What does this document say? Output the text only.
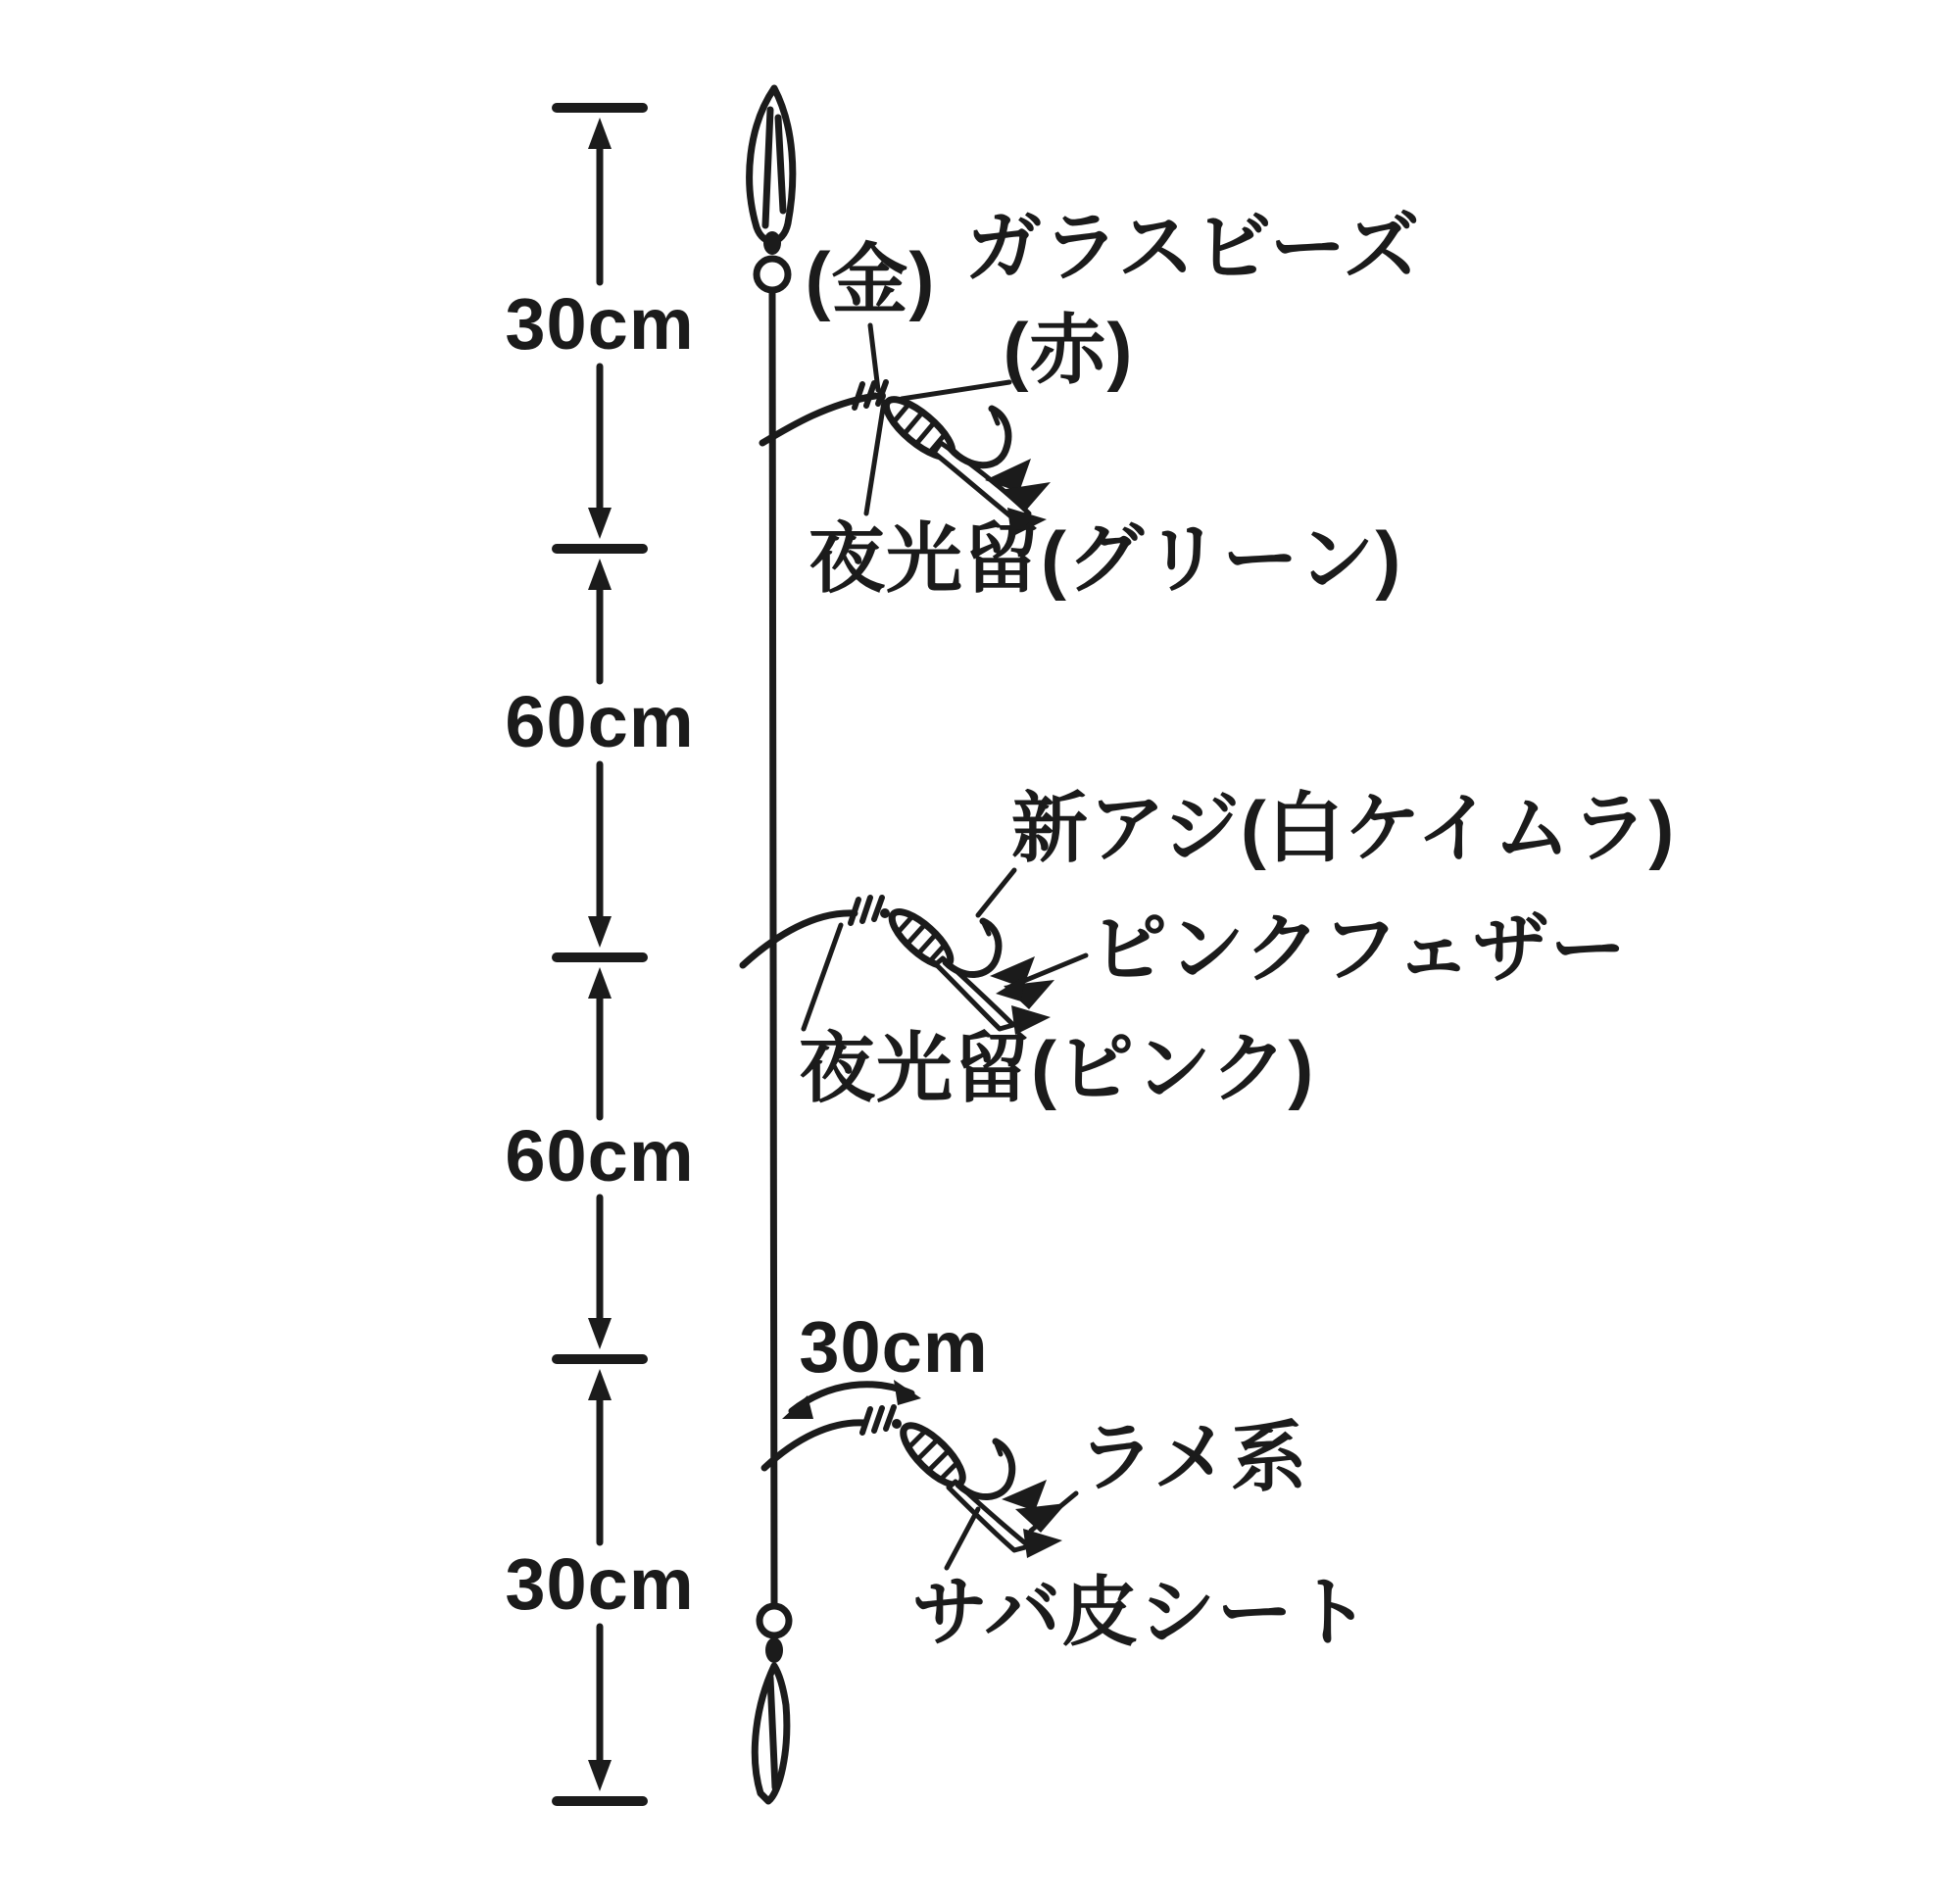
30cm
60cm
60cm
30cm
30cm
(金) ガラスビーズ
(赤)
夜光留(グリーン)
新アジ(白ケイムラ)
ピンクフェザー
夜光留(ピンク)
ラメ系
サバ皮シート
